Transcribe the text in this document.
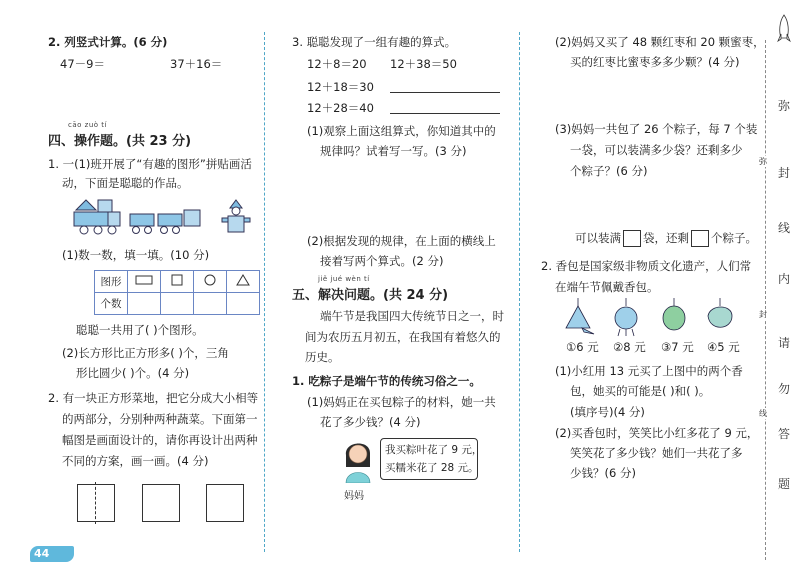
2. 列竖式计算。(6 分)
47－9＝	37＋16＝
cāo zuò tí
四、操作题。(共 23 分)
1. 一(1)班开展了“有趣的图形”拼贴画活
动，下面是聪聪的作品。
(1)数一数，填一填。(10 分)
图形				
个数				
聪聪一共用了( )个图形。
(2)长方形比正方形多( )个，三角
形比圆少( )个。(4 分)
2. 有一块正方形菜地，把它分成大小相等
的两部分，分别种两种蔬菜。下面第一
幅图是画面设计的，请你再设计出两种
不同的方案，画一画。(4 分)
44
3. 聪聪发现了一组有趣的算式。
12＋8＝20 12＋38＝50
12＋18＝30
12＋28＝40
(1)观察上面这组算式，你知道其中的
规律吗？试着写一写。(3 分)
(2)根据发现的规律，在上面的横线上
接着写两个算式。(2 分)
jiě jué wèn tí
五、解决问题。(共 24 分)
端午节是我国四大传统节日之一，时
间为农历五月初五，在我国有着悠久的
历史。
1. 吃粽子是端午节的传统习俗之一。
(1)妈妈正在买包粽子的材料，她一共
花了多少钱？(4 分)
妈妈
我买粽叶花了 9 元，
买糯米花了 28 元。
(2)妈妈又买了 48 颗红枣和 20 颗蜜枣，
买的红枣比蜜枣多多少颗？(4 分)
(3)妈妈一共包了 26 个粽子，每 7 个装
一袋，可以装满多少袋？还剩多少
个粽子？(6 分)
可以装满 袋，还剩 个粽子。
2. 香包是国家级非物质文化遗产，人们常
在端午节佩戴香包。
①6 元 ②8 元 ③7 元 ④5 元
(1)小红用 13 元买了上图中的两个香
包，她买的可能是( )和( )。
(填序号)(4 分)
(2)买香包时，笑笑比小红多花了 9 元，
笑笑花了多少钱？她们一共花了多
少钱？(6 分)
弥
封
线
内
请
勿
答
题
弥
封
线
